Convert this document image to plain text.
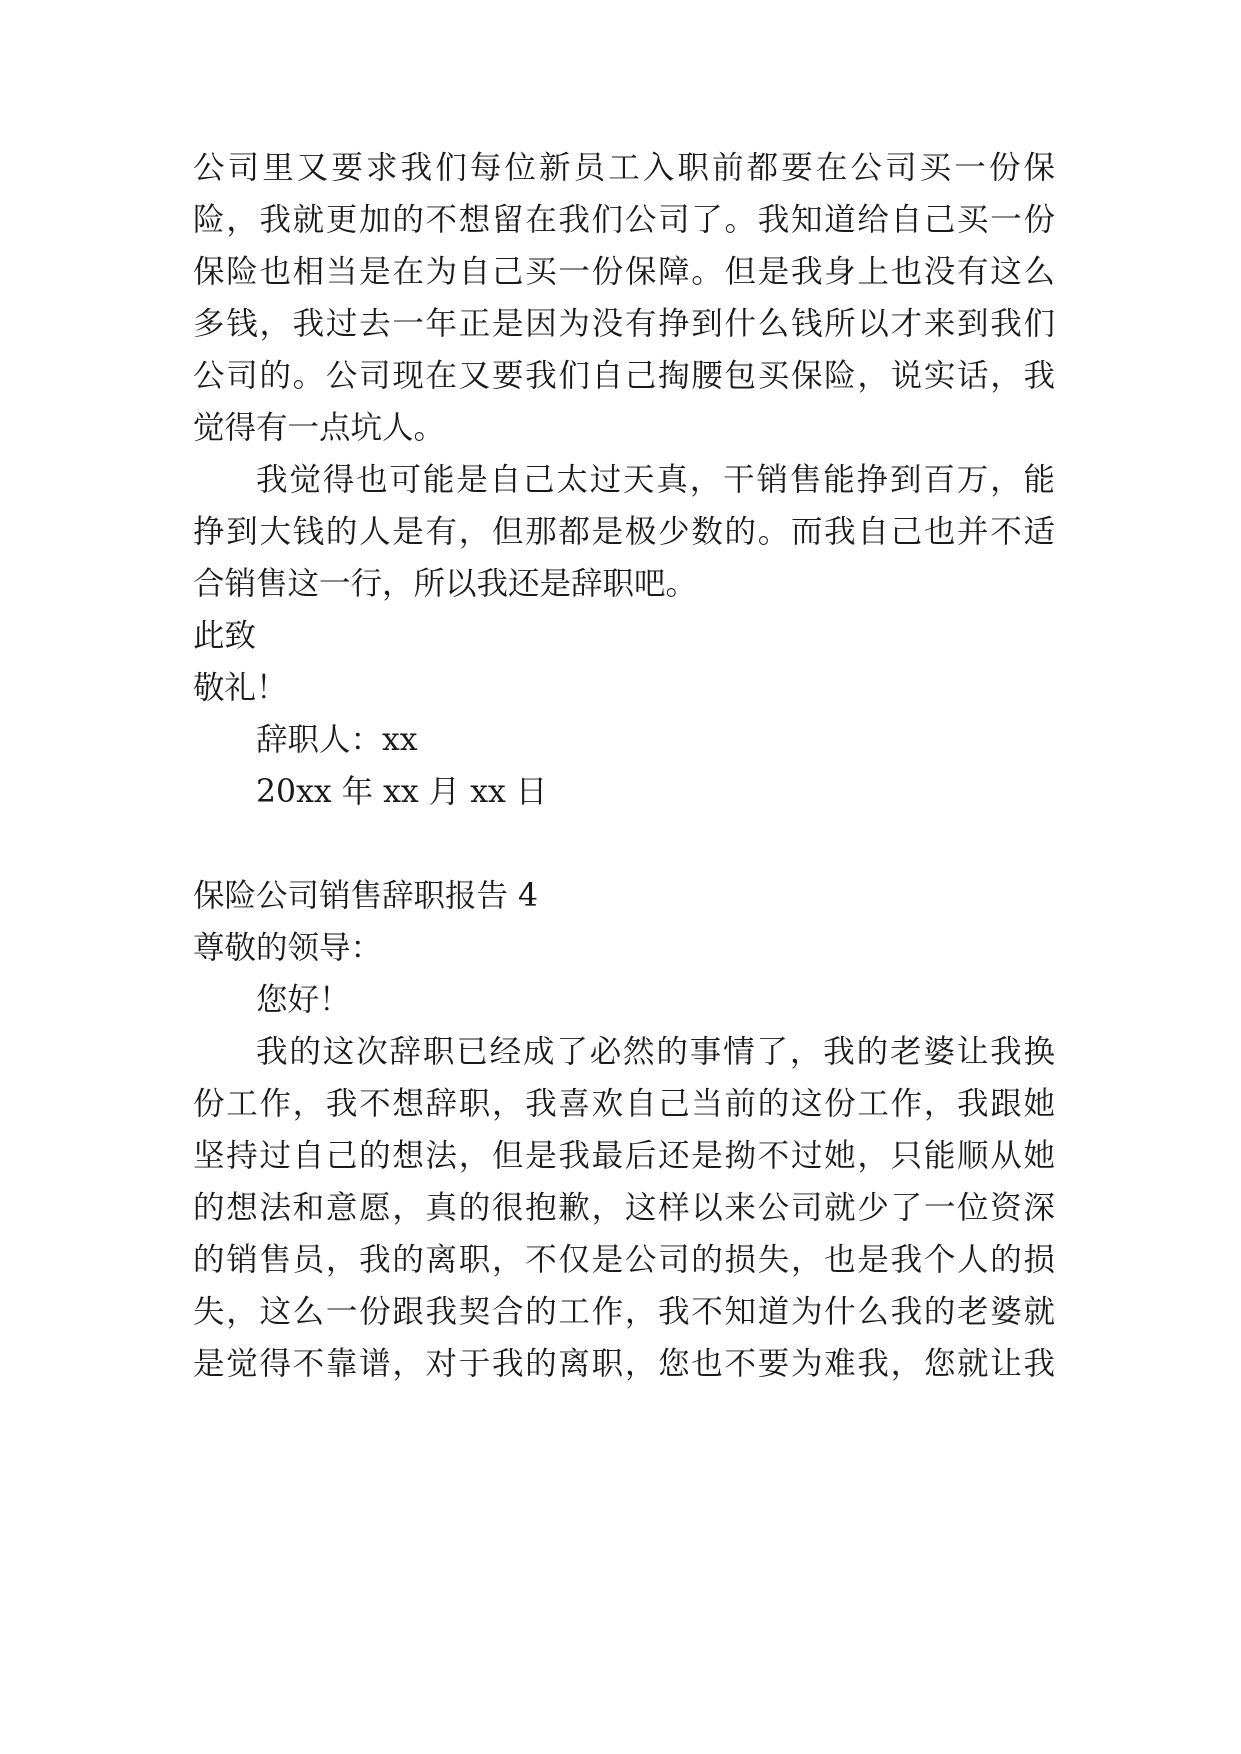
公司里又要求我们每位新员工入职前都要在公司买一份保
险，我就更加的不想留在我们公司了。我知道给自己买一份
保险也相当是在为自己买一份保障。但是我身上也没有这么
多钱，我过去一年正是因为没有挣到什么钱所以才来到我们
公司的。公司现在又要我们自己掏腰包买保险，说实话，我
觉得有一点坑人。
我觉得也可能是自己太过天真，干销售能挣到百万，能
挣到大钱的人是有，但那都是极少数的。而我自己也并不适
合销售这一行，所以我还是辞职吧。
此致
敬礼！
辞职人：xx
20xx 年 xx 月 xx 日
保险公司销售辞职报告 4
尊敬的领导：
您好！
我的这次辞职已经成了必然的事情了，我的老婆让我换
份工作，我不想辞职，我喜欢自己当前的这份工作，我跟她
坚持过自己的想法，但是我最后还是拗不过她，只能顺从她
的想法和意愿，真的很抱歉，这样以来公司就少了一位资深
的销售员，我的离职，不仅是公司的损失，也是我个人的损
失，这么一份跟我契合的工作，我不知道为什么我的老婆就
是觉得不靠谱，对于我的离职，您也不要为难我，您就让我
